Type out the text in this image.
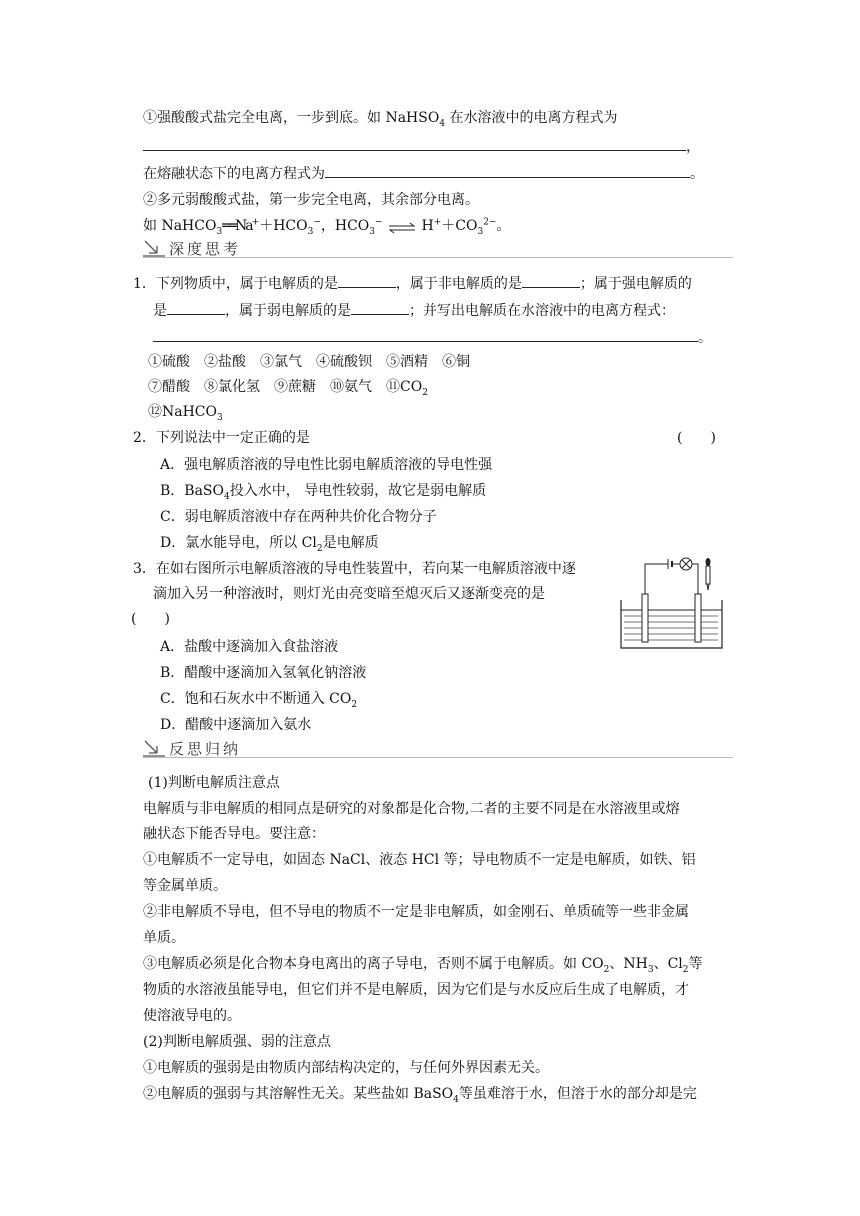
①强酸酸式盐完全电离，一步到底。如 NaHSO$_4$ 在水溶液中的电离方程式为
，
在熔融状态下的电离方程式为	。
②多元弱酸酸式盐，第一步完全电离，其余部分电离。
如 $NaHCO_3══Na^++HCO_3^-$，$HCO_3^-$ ⇌ $H^++CO_3^{2-}$。
深度思考
1．下列物质中，属于电解质的是	，属于非电解质的是	；属于强电解质的
是	，属于弱电解质的是	；并写出电解质在水溶液中的电离方程式：
。
①硫酸　②盐酸　③氯气　④硫酸钡　⑤酒精　⑥铜
⑦醋酸　⑧氯化氢　⑨蔗糖　⑩氨气　$⑪CO_2$
⑫NaHCO$_3$
2．下列说法中一定正确的是	(　　)
A．强电解质溶液的导电性比弱电解质溶液的导电性强
B．BaSO$_4$投入水中， 导电性较弱，故它是弱电解质
C．弱电解质溶液中存在两种共价化合物分子
D．氯水能导电，所以 $Cl_2$是电解质
3．在如右图所示电解质溶液的导电性装置中，若向某一电解质溶液中逐
滴加入另一种溶液时，则灯光由亮变暗至熄灭后又逐渐变亮的是
(　　)
A．盐酸中逐滴加入食盐溶液
B．醋酸中逐滴加入氢氧化钠溶液
C．饱和石灰水中不断通入 $CO_2$
D．醋酸中逐滴加入氨水
反思归纳
(1)判断电解质注意点
电解质与非电解质的相同点是研究的对象都是化合物,二者的主要不同是在水溶液里或熔
融状态下能否导电。要注意：
①电解质不一定导电，如固态 NaCl、液态 HCl 等；导电物质不一定是电解质，如铁、铝
等金属单质。
②非电解质不导电，但不导电的物质不一定是非电解质，如金刚石、单质硫等一些非金属
单质。
③电解质必须是化合物本身电离出的离子导电，否则不属于电解质。如 $CO_2$、$NH_3$、$Cl_2$等
物质的水溶液虽能导电，但它们并不是电解质，因为它们是与水反应后生成了电解质，才
使溶液导电的。
(2)判断电解质强、弱的注意点
①电解质的强弱是由物质内部结构决定的，与任何外界因素无关。
②电解质的强弱与其溶解性无关。某些盐如 BaSO$_4$等虽难溶于水，但溶于水的部分却是完
